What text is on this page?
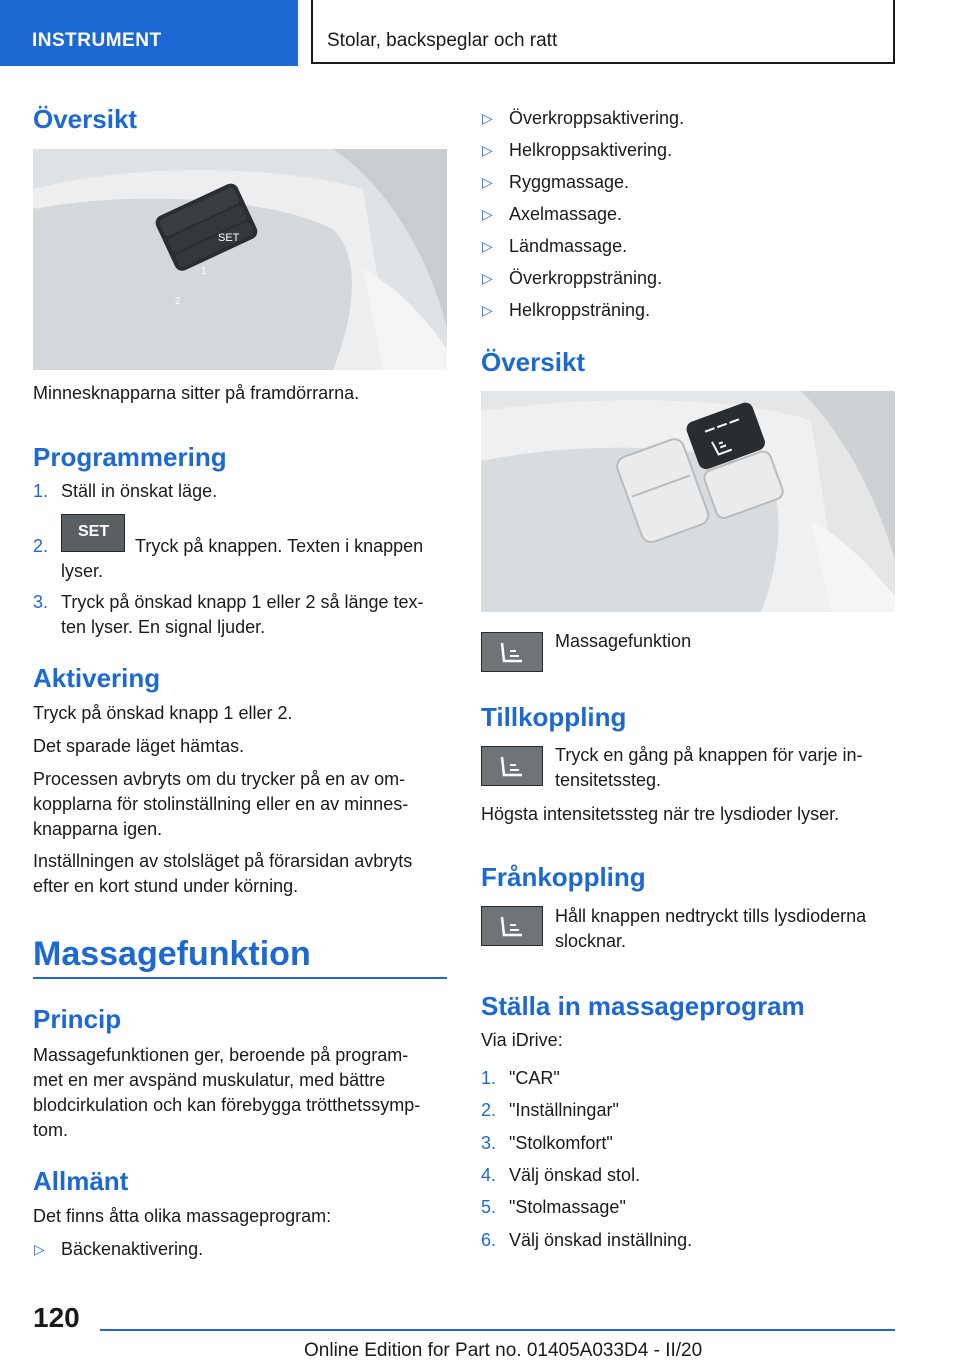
INSTRUMENT	Stolar, backspeglar och ratt
Översikt
SET
1
2

Minnesknapparna sitter på framdörrarna.

Programmering
1. Ställ in önskat läge.

2.
SET

Tryck på knappen. Texten i knappen

lyser.

3. Tryck på önskad knapp 1 eller 2 så länge tex-

ten lyser. En signal ljuder.

Aktivering

Tryck på önskad knapp 1 eller 2.

Det sparade läget hämtas.

Processen avbryts om du trycker på en av om-

kopplarna för stolinställning eller en av minnes-

knapparna igen.

Inställningen av stolsläget på förarsidan avbryts

efter en kort stund under körning.

Massagefunktion
Princip

Massagefunktionen ger, beroende på program-

met en mer avspänd muskulatur, med bättre

blodcirkulation och kan förebygga trötthetssymp-

tom.

Allmänt

Det finns åtta olika massageprogram:

▷ Bäckenaktivering.

▷ Överkroppsaktivering.

▷ Helkroppsaktivering.

▷ Ryggmassage.

▷ Axelmassage.

▷ Ländmassage.

▷ Överkroppsträning.

▷ Helkroppsträning.

Översikt

Massagefunktion

Tillkoppling

Tryck en gång på knappen för varje in-

tensitetssteg.

Högsta intensitetssteg när tre lysdioder lyser.

Frånkoppling

Håll knappen nedtryckt tills lysdioderna

slocknar.

Ställa in massageprogram

Via iDrive:

1. "CAR"

2. "Inställningar"

3. "Stolkomfort"

4. Välj önskad stol.

5. "Stolmassage"

6. Välj önskad inställning.

120
Online Edition for Part no. 01405A033D4 - II/20
